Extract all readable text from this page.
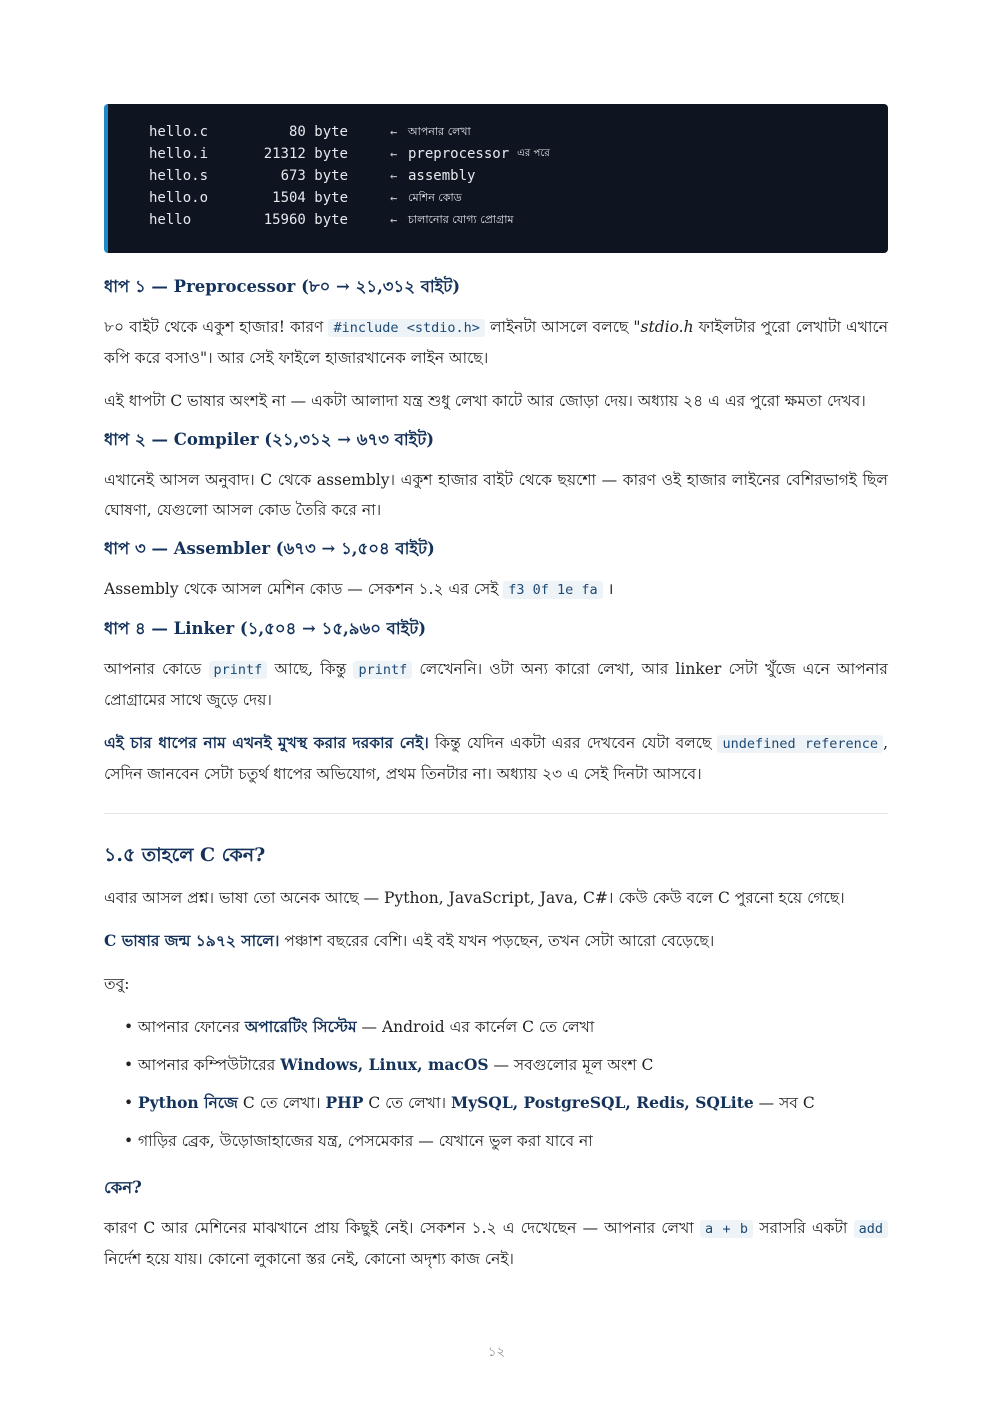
hello.c	80 byte	← আপনার লেখা
hello.i	21312 byte	← preprocessor এর পরে
hello.s	673 byte	← assembly
hello.o	1504 byte	← মেশিন কোড
hello	15960 byte	← চালানোর যোগ্য প্রোগ্রাম
ধাপ ১ — Preprocessor (৮০ → ২১,৩১২ বাইট)

৮০ বাইট থেকে একুশ হাজার! কারণ #include <stdio.h> লাইনটা আসলে বলছে "stdio.h ফাইলটার পুরো লেখাটা এখানে কপি করে বসাও"। আর সেই ফাইলে হাজারখানেক লাইন আছে।

এই ধাপটা C ভাষার অংশই না — একটা আলাদা যন্ত্র শুধু লেখা কাটে আর জোড়া দেয়। অধ্যায় ২৪ এ এর পুরো ক্ষমতা দেখব।

ধাপ ২ — Compiler (২১,৩১২ → ৬৭৩ বাইট)

এখানেই আসল অনুবাদ। C থেকে assembly। একুশ হাজার বাইট থেকে ছয়শো — কারণ ওই হাজার লাইনের বেশিরভাগই ছিল ঘোষণা, যেগুলো আসল কোড তৈরি করে না।

ধাপ ৩ — Assembler (৬৭৩ → ১,৫০৪ বাইট)

Assembly থেকে আসল মেশিন কোড — সেকশন ১.২ এর সেই f3 0f 1e fa ।

ধাপ ৪ — Linker (১,৫০৪ → ১৫,৯৬০ বাইট)

আপনার কোডে printf আছে, কিন্তু printf লেখেননি। ওটা অন্য কারো লেখা, আর linker সেটা খুঁজে এনে আপনার প্রোগ্রামের সাথে জুড়ে দেয়।

এই চার ধাপের নাম এখনই মুখস্থ করার দরকার নেই। কিন্তু যেদিন একটা এরর দেখবেন যেটা বলছে undefined reference , সেদিন জানবেন সেটা চতুর্থ ধাপের অভিযোগ, প্রথম তিনটার না। অধ্যায় ২৩ এ সেই দিনটা আসবে।

১.৫ তাহলে C কেন?

এবার আসল প্রশ্ন। ভাষা তো অনেক আছে — Python, JavaScript, Java, C#। কেউ কেউ বলে C পুরনো হয়ে গেছে।

C ভাষার জন্ম ১৯৭২ সালে। পঞ্চাশ বছরের বেশি। এই বই যখন পড়ছেন, তখন সেটা আরো বেড়েছে।

তবু:

• আপনার ফোনের অপারেটিং সিস্টেম — Android এর কার্নেল C তে লেখা
• আপনার কম্পিউটারের Windows, Linux, macOS — সবগুলোর মূল অংশ C
• Python নিজে C তে লেখা। PHP C তে লেখা। MySQL, PostgreSQL, Redis, SQLite — সব C
• গাড়ির ব্রেক, উড়োজাহাজের যন্ত্র, পেসমেকার — যেখানে ভুল করা যাবে না
কেন?

কারণ C আর মেশিনের মাঝখানে প্রায় কিছুই নেই। সেকশন ১.২ এ দেখেছেন — আপনার লেখা a + b সরাসরি একটা add নির্দেশ হয়ে যায়। কোনো লুকানো স্তর নেই, কোনো অদৃশ্য কাজ নেই।

১২
